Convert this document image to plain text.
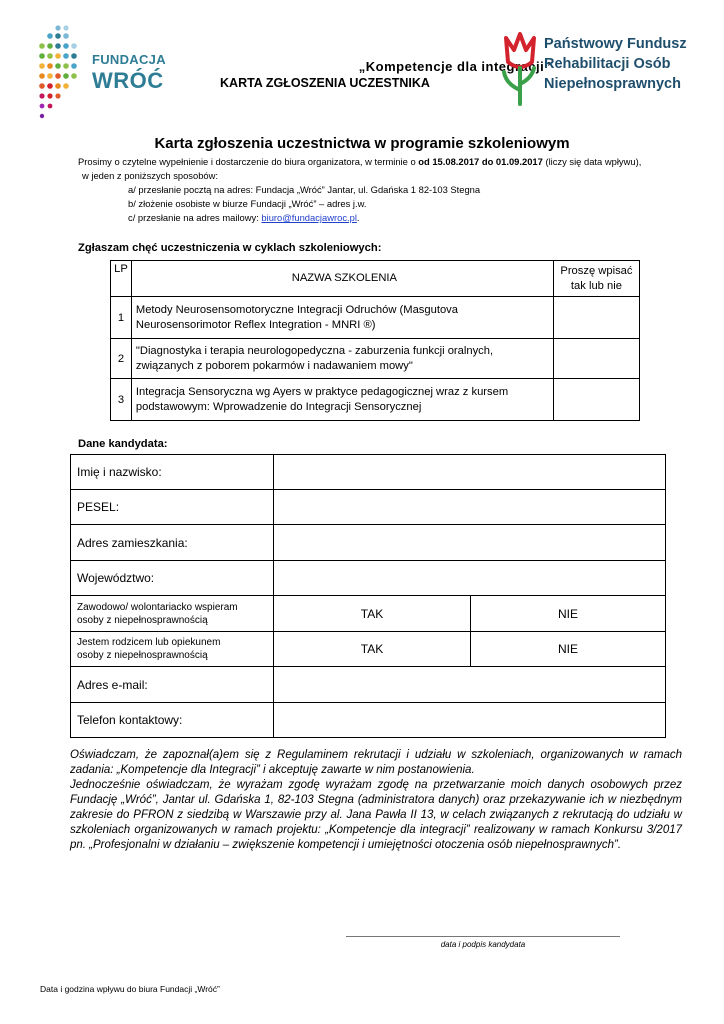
FUNDACJA
WRÓĆ
„Kompetencje dla integracji”
KARTA ZGŁOSZENIA UCZESTNIKA
Państwowy Fundusz
Rehabilitacji Osób
Niepełnosprawnych
Karta zgłoszenia uczestnictwa w programie szkoleniowym
Prosimy o czytelne wypełnienie i dostarczenie do biura organizatora, w terminie o od 15.08.2017 do 01.09.2017 (liczy się data wpływu),
w jeden z poniższych sposobów:
a/ przesłanie pocztą na adres: Fundacja „Wróć” Jantar, ul. Gdańska 1 82-103 Stegna
b/ złożenie osobiste w biurze Fundacji „Wróć” – adres j.w.
c/ przesłanie na adres mailowy: biuro@fundacjawroc.pl.
Zgłaszam chęć uczestniczenia w cyklach szkoleniowych:
LP	NAZWA SZKOLENIA	Proszę wpisać
tak lub nie

1	Metody Neurosensomotoryczne Integracji Odruchów (Masgutova
Neurosensorimotor Reflex Integration - MNRI ®)	

2	"Diagnostyka i terapia neurologopedyczna - zaburzenia funkcji oralnych,
związanych z poborem pokarmów i nadawaniem mowy"	

3	Integracja Sensoryczna wg Ayers w praktyce pedagogicznej wraz z kursem
podstawowym: Wprowadzenie do Integracji Sensorycznej	

Dane kandydata:
Imię i nazwisko:		
PESEL:		
Adres zamieszkania:		
Województwo:		

Zawodowo/ wolontariacko wspieram
osoby z niepełnosprawnością	TAK	NIE

Jestem rodzicem lub opiekunem
osoby z niepełnosprawnością	TAK	NIE
Adres e-mail:		
Telefon kontaktowy:		

Oświadczam, że zapoznał(a)em się z Regulaminem rekrutacji i udziału w szkoleniach, organizowanych w ramach zadania: „Kompetencje dla Integracji” i akceptuję zawarte w nim postanowienia.

Jednocześnie oświadczam, że wyrażam zgodę wyrażam zgodę na przetwarzanie moich danych osobowych przez Fundację „Wróć”, Jantar ul. Gdańska 1, 82-103 Stegna (administratora danych) oraz przekazywanie ich w niezbędnym zakresie do PFRON z siedzibą w Warszawie przy al. Jana Pawła II 13, w celach związanych z rekrutacją do udziału w szkoleniach organizowanych w ramach projektu: „Kompetencje dla integracji” realizowany w ramach Konkursu 3/2017 pn. „Profesjonalni w działaniu – zwiększenie kompetencji i umiejętności otoczenia osób niepełnosprawnych”.

data i podpis kandydata
Data i godzina wpływu do biura Fundacji „Wróć”
